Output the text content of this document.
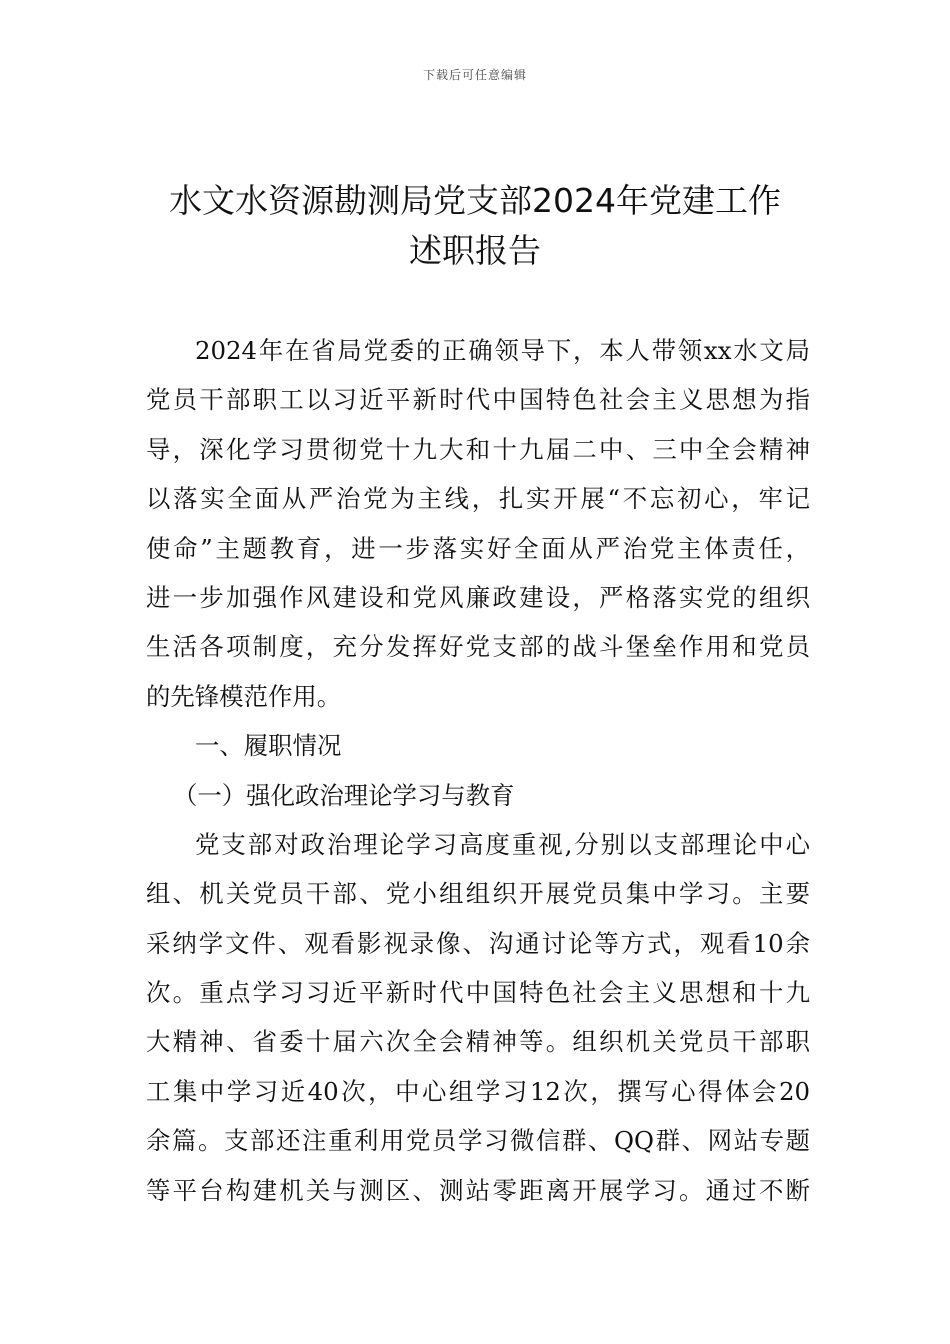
下载后可任意编辑
水文水资源勘测局党支部2024年党建工作
述职报告
2024年在省局党委的正确领导下，本人带领xx水文局
党员干部职工以习近平新时代中国特色社会主义思想为指
导，深化学习贯彻党十九大和十九届二中、三中全会精神
以落实全面从严治党为主线，扎实开展“不忘初心，牢记
使命”主题教育，进一步落实好全面从严治党主体责任，
进一步加强作风建设和党风廉政建设，严格落实党的组织
生活各项制度，充分发挥好党支部的战斗堡垒作用和党员
的先锋模范作用。
一、履职情况
（一）强化政治理论学习与教育
党支部对政治理论学习高度重视,分别以支部理论中心
组、机关党员干部、党小组组织开展党员集中学习。主要
采纳学文件、观看影视录像、沟通讨论等方式，观看10余
次。重点学习习近平新时代中国特色社会主义思想和十九
大精神、省委十届六次全会精神等。组织机关党员干部职
工集中学习近40次，中心组学习12次，撰写心得体会20
余篇。支部还注重利用党员学习微信群、QQ群、网站专题
等平台构建机关与测区、测站零距离开展学习。通过不断
